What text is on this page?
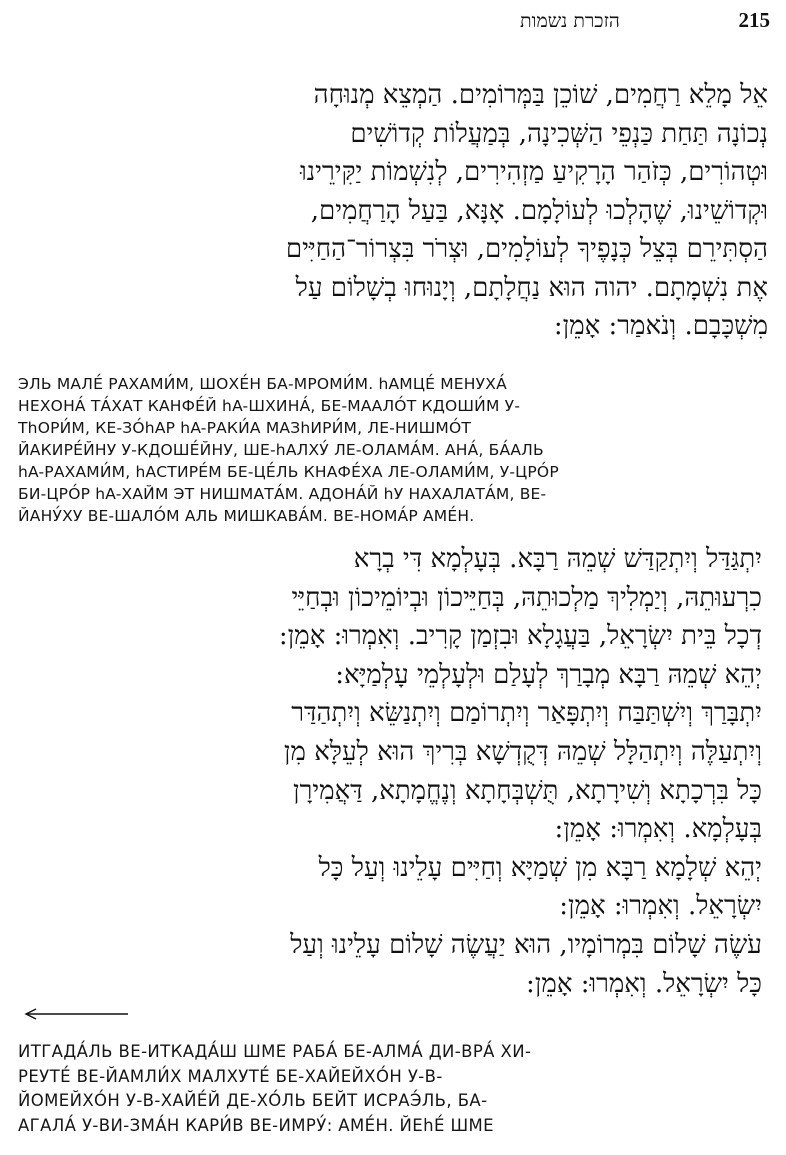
הזכרת נשמות	215
אֵל מָלֵא רַחֲמִים, שׁוֹכֵן בַּמְּרוֹמִים. הַמְצֵא מְנוּחָה
נְכוֹנָה תַּחַת כַּנְפֵי הַשְּׁכִינָה, בְּמַעֲלוֹת קְדוֹשִׁים
וּטְהוֹרִים, כְּזֹהַר הָרָקִיעַ מַזְהִירִים, לְנִשְׁמוֹת יַקִּירֵינוּ
וּקְדוֹשֵׁינוּ, שֶׁהָלְכוּ לְעוֹלָמָם. אָנָּא, בַּעַל הָרַחֲמִים,
הַסְתִּירֵם בְּצֵל כְּנָפֶיךָ לְעוֹלָמִים, וּצְרֹר בִּצְרוֹר־הַחַיִּים
אֶת נִשְׁמָתָם. יהוה הוּא נַחֲלָתָם, וְיָנוּחוּ בְשָׁלוֹם עַל
מִשְׁכָּבָם. וְנֹאמַר: אָמֵן:
ЭЛЬ МАЛЕ́ РАХАМИ́М, ШОХЕ́Н БА-МРОМИ́М. hAМЦЕ́ МЕНУХА́
НЕХОНА́ ТА́ХАТ КАНФЕ́Й hA-ШХИНА́, БЕ-МААЛО́Т КДОШИ́М У-
ТhOРИ́М, КЕ-ЗО́hAР hA-РАКИ́А МАЗhИРИ́М, ЛЕ-НИШМО́Т
ЙАКИРЕ́ЙНУ У-КДОШЕ́ЙНУ, ШЕ-hАЛХУ́ ЛЕ-ОЛАМА́М. АНА́, БА́АЛЬ
hA-РАХАМИ́М, hАСТИРЕ́М БЕ-ЦЕ́ЛЬ КНАФЕ́ХА ЛЕ-ОЛАМИ́М, У-ЦРО́Р
БИ-ЦРО́Р hA-ХАЙ́М ЭТ НИШМАТА́М. АДОНА́Й hУ НАХАЛАТА́М, ВЕ-
ЙАНУ́ХУ ВЕ-ШАЛО́М АЛЬ МИШКАВА́М. ВЕ-НОМА́Р АМЕ́Н.
יִתְגַּדַּל וְיִתְקַדַּשׁ שְׁמֵהּ רַבָּא. בְּעָלְמָא דִּי בְרָא
כִרְעוּתֵהּ, וְיַמְלִיךְ מַלְכוּתֵהּ, בְּחַיֵּיכוֹן וּבְיוֹמֵיכוֹן וּבְחַיֵּי
דְכָל בֵּית יִשְׂרָאֵל, בַּעֲגָלָא וּבִזְמַן קָרִיב. וְאִמְרוּ: אָמֵן:
יְהֵא שְׁמֵהּ רַבָּא מְבָרַךְ לְעָלַם וּלְעָלְמֵי עָלְמַיָּא:
יִתְבָּרַךְ וְיִשְׁתַּבַּח וְיִתְפָּאַר וְיִתְרוֹמַם וְיִתְנַשֵּׂא וְיִתְהַדַּר
וְיִתְעַלֶּה וְיִתְהַלָּל שְׁמֵהּ דְּקֻדְשָׁא בְּרִיךְ הוּא לְעֵלָּא מִן
כָּל בִּרְכָתָא וְשִׁירָתָא, תֻּשְׁבְּחָתָא וְנֶחֱמָתָא, דַּאֲמִירָן
בְּעָלְמָא. וְאִמְרוּ: אָמֵן:
יְהֵא שְׁלָמָא רַבָּא מִן שְׁמַיָּא וְחַיִּים עָלֵינוּ וְעַל כָּל
יִשְׂרָאֵל. וְאִמְרוּ: אָמֵן:
עֹשֶׂה שָׁלוֹם בִּמְרוֹמָיו, הוּא יַעֲשֶׂה שָׁלוֹם עָלֵינוּ וְעַל
כָּל יִשְׂרָאֵל. וְאִמְרוּ: אָמֵן:
ИТГАДА́ЛЬ ВЕ-ИТКАДА́Ш ШМЕ РАБА́ БЕ-АЛМА́ ДИ-ВРА́ ХИ-
РЕУТЕ́ ВЕ-ЙАМЛИ́Х МАЛХУТЕ́ БЕ-ХАЙЕЙХО́Н У-В-
ЙОМЕЙХО́Н У-В-ХАЙЕ́Й ДЕ-ХО́ЛЬ БЕЙТ ИСРАЭ́ЛЬ, БА-
АГАЛА́ У-ВИ-ЗМА́Н КАРИ́В ВЕ-ИМРУ́: АМЕ́Н. ЙЕhЕ́ ШМЕ
